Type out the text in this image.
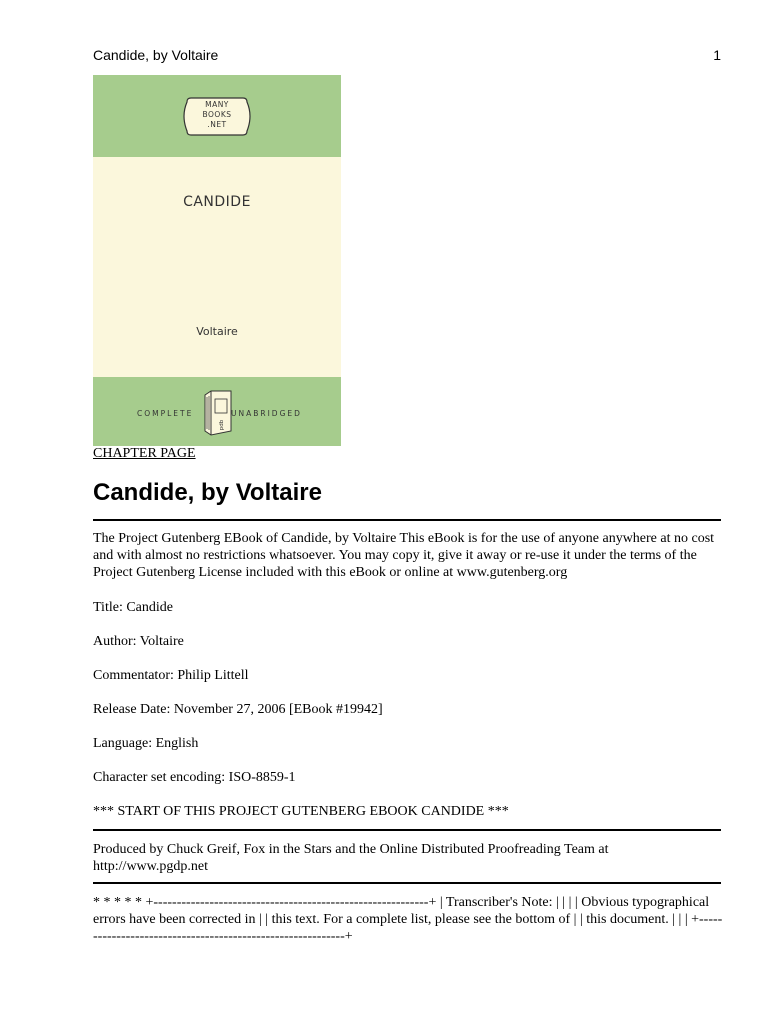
Candide, by Voltaire	1
MANY
BOOKS
.NET
CANDIDE
Voltaire
COMPLETE
pdb
UNABRIDGED
CHAPTER PAGE
Candide, by Voltaire

The Project Gutenberg EBook of Candide, by Voltaire This eBook is for the use of anyone anywhere at no cost and with almost no restrictions whatsoever. You may copy it, give it away or re-use it under the terms of the Project Gutenberg License included with this eBook or online at www.gutenberg.org

Title: Candide

Author: Voltaire

Commentator: Philip Littell

Release Date: November 27, 2006 [EBook #19942]

Language: English

Character set encoding: ISO-8859-1

*** START OF THIS PROJECT GUTENBERG EBOOK CANDIDE ***

Produced by Chuck Greif, Fox in the Stars and the Online Distributed Proofreading Team at http://www.pgdp.net

* * * * * +-----------------------------------------------------------+ | Transcriber's Note: | | | | Obvious typographical errors have been corrected in | | this text. For a complete list, please see the bottom of | | this document. | | | +-----------------------------------------------------------+
